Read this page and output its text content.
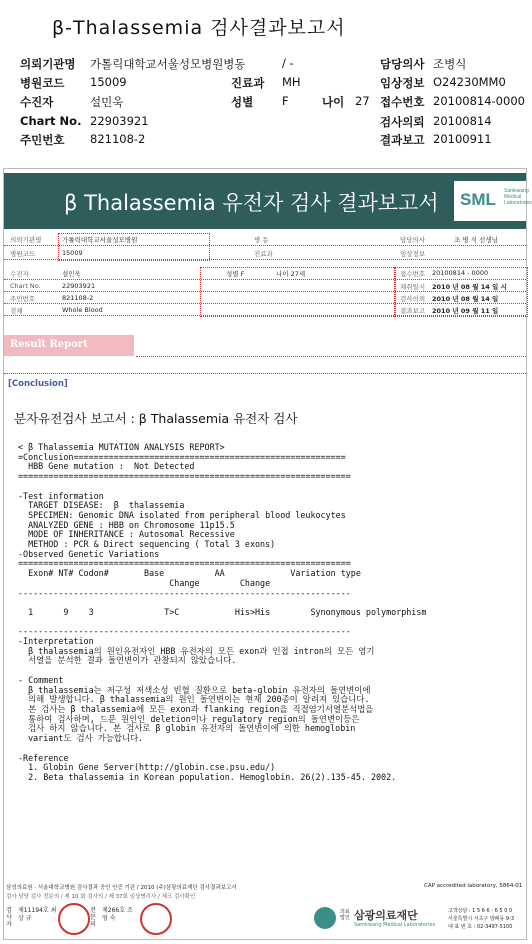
β-Thalassemia 검사결과보고서
의뢰기관명 가톨릭대학교서울성모병원병동	/ -	담당의사 조병식
병원코드 15009	진료과 MH	임상정보 O24230MM0
수진자	설민욱	성별	F	나이 27 접수번호 20100814-0000
Chart No. 22903921	검사의뢰 20100814
주민번호 821108-2	결과보고 20100911
β Thalassemia 유전자 검사 결과보고서 SML Samkwang Medical Laboratories
의뢰기관명	가톨릭대학교서울성모병원	병 동	담당의사	조 병 식 선생님
병원코드	15009	진료과	임상정보
수진자	설민욱	성별 F	나이 27세	접수번호 20100814 - 0000
Chart No.	22903921	채취일시 2010 년 08 월 14 일 시
주민번호	821108-2	검사의뢰 2010 년 08 월 14 일
검체	Whole Blood	결과보고 2010 년 09 월 11 일
Result Report
[Conclusion]
분자유전검사 보고서 : β Thalassemia 유전자 검사
< β Thalassemia MUTATION ANALYSIS REPORT>
=Conclusion======================================================
HBB Gene mutation :  Not Detected
==================================================================

-Test information
TARGET DISEASE:  β  thalassemia
SPECIMEN: Genomic DNA isolated from peripheral blood leukocytes
ANALYZED GENE : HBB on Chromosome 11p15.5
MODE OF INHERITANCE : Autosomal Recessive
METHOD : PCR & Direct sequencing ( Total 3 exons)
-Observed Genetic Variations
==================================================================
Exon# NT# Codon#       Base          AA             Variation type
Change        Change
------------------------------------------------------------------

1      9    3              T>C           His>His        Synonymous polymorphism

------------------------------------------------------------------
-Interpretation
β thalassemia의 원인유전자인 HBB 유전자의 모든 exon과 인접 intron의 모든 염기
서열을 분석한 결과 돌연변이가 관찰되지 않았습니다.

- Comment
β thalassemia는 저구성 저색소성 빈혈 질환으로 beta-globin 유전자의 돌연변이에
의해 발생합니다. β thalassemia의 원인 돌연변이는 현재 200종이 알려져 있습니다.
본 검사는 β thalassemia에 모든 exon과 flanking region을 직접염기서열분석법을
통하여 검사하며, 드문 원인인 deletion이나 regulatory region의 돌연변이등은
검사 하지 않습니다. 본 검사로 β globin 유전자의 돌연변이에 의한 hemoglobin
variant도 검사 가능합니다.

-Reference
1. Globin Gene Server(http://globin.cse.psu.edu/)
2. Beta thalassemia in Korean population. Hemoglobin. 26(2).135-45. 2002.
삼성의료원 · 서울대학교병원 검사결과 공인 인증 기관 / 2010 (주)삼광의료재단 검사결과보고서	CAP accredited laboratory, 5864-01
검사 담당 검사 전문의 / 제 10 회 검사의 / 제 37회 임상병리사 / 체크 검사확인
검사자
제11194호 최 상 규
전문의
제266호 조 영 숙
의료법인 삼광의료재단
Samkwang Medical Laboratories
고객상담 : 1 5 6 6 - 6 5 0 0
서울특별시 서초구 방배동 9-3
대 표 번 호 : 02-3497-5100
